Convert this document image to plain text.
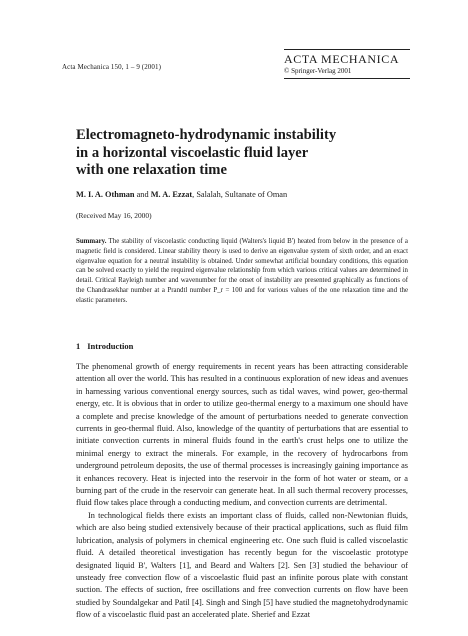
Acta Mechanica 150, 1 – 9 (2001)
ACTA MECHANICA
© Springer-Verlag 2001
Electromagneto-hydrodynamic instability
in a horizontal viscoelastic fluid layer
with one relaxation time
M. I. A. Othman and M. A. Ezzat, Salalah, Sultanate of Oman
(Received May 16, 2000)
Summary. The stability of viscoelastic conducting liquid (Walters's liquid B') heated from below in the presence of a magnetic field is considered. Linear stability theory is used to derive an eigenvalue system of sixth order, and an exact eigenvalue equation for a neutral instability is obtained. Under somewhat artificial boundary conditions, this equation can be solved exactly to yield the required eigenvalue relationship from which various critical values are determined in detail. Critical Rayleigh number and wavenumber for the onset of instability are presented graphically as functions of the Chandrasekhar number at a Prandtl number P_r = 100 and for various values of the one relaxation time and the elastic parameters.
1 Introduction

The phenomenal growth of energy requirements in recent years has been attracting considerable attention all over the world. This has resulted in a continuous exploration of new ideas and avenues in harnessing various conventional energy sources, such as tidal waves, wind power, geo-thermal energy, etc. It is obvious that in order to utilize geo-thermal energy to a maximum one should have a complete and precise knowledge of the amount of perturbations needed to generate convection currents in geo-thermal fluid. Also, knowledge of the quantity of perturbations that are essential to initiate convection currents in mineral fluids found in the earth's crust helps one to utilize the minimal energy to extract the minerals. For example, in the recovery of hydrocarbons from underground petroleum deposits, the use of thermal processes is increasingly gaining importance as it enhances recovery. Heat is injected into the reservoir in the form of hot water or steam, or a burning part of the crude in the reservoir can generate heat. In all such thermal recovery processes, fluid flow takes place through a conducting medium, and convection currents are detrimental.

In technological fields there exists an important class of fluids, called non-Newtonian fluids, which are also being studied extensively because of their practical applications, such as fluid film lubrication, analysis of polymers in chemical engineering etc. One such fluid is called viscoelastic fluid. A detailed theoretical investigation has recently begun for the viscoelastic prototype designated liquid B', Walters [1], and Beard and Walters [2]. Sen [3] studied the behaviour of unsteady free convection flow of a viscoelastic fluid past an infinite porous plate with constant suction. The effects of suction, free oscillations and free convection currents on flow have been studied by Soundalgekar and Patil [4]. Singh and Singh [5] have studied the magnetohydrodynamic flow of a viscoelastic fluid past an accelerated plate. Sherief and Ezzat
